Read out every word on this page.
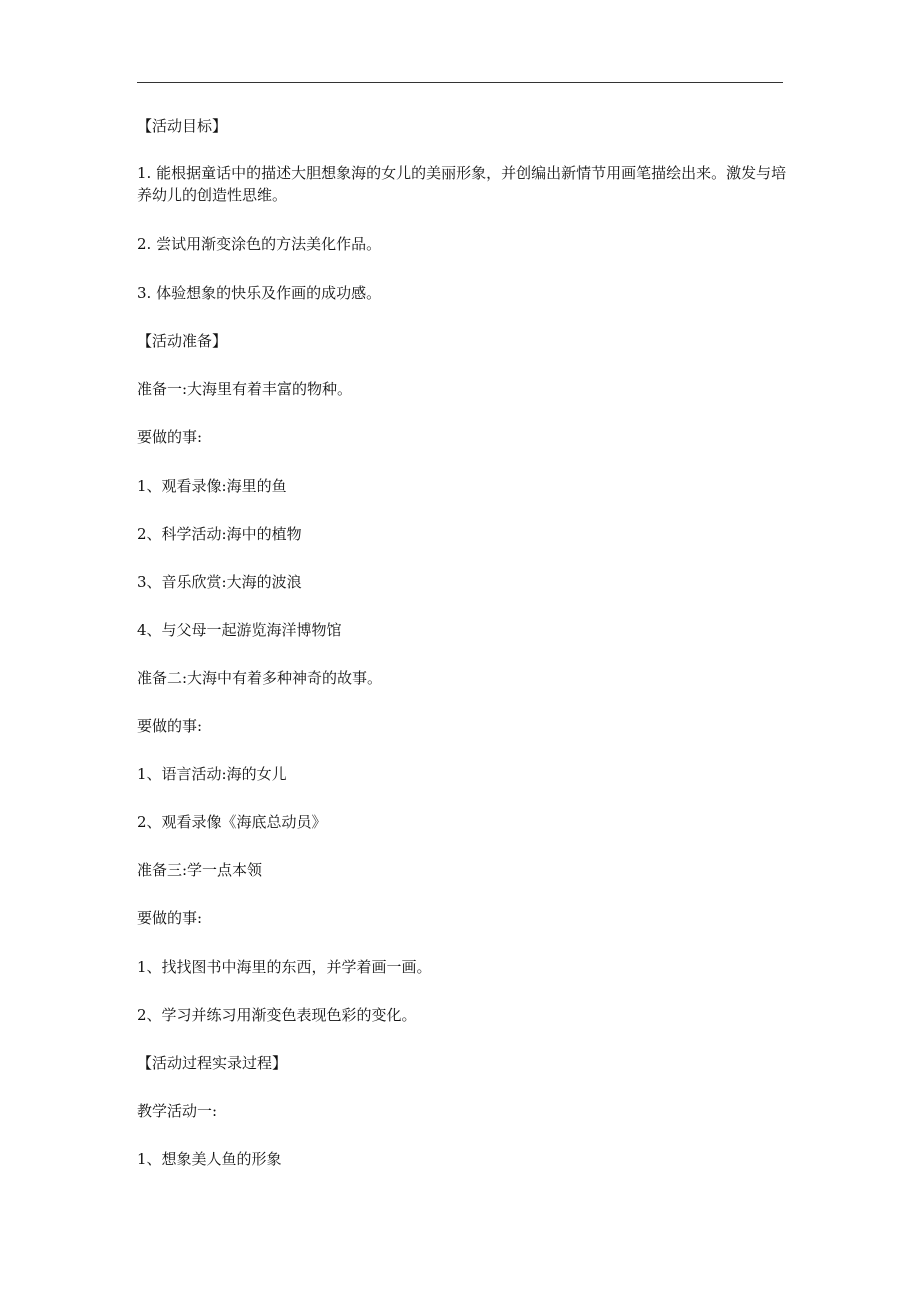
【活动目标】
1. 能根据童话中的描述大胆想象海的女儿的美丽形象，并创编出新情节用画笔描绘出来。激发与培养幼儿的创造性思维。
2. 尝试用渐变涂色的方法美化作品。
3. 体验想象的快乐及作画的成功感。
【活动准备】
准备一:大海里有着丰富的物种。
要做的事:
1、观看录像:海里的鱼
2、科学活动:海中的植物
3、音乐欣赏:大海的波浪
4、与父母一起游览海洋博物馆
准备二:大海中有着多种神奇的故事。
要做的事:
1、语言活动:海的女儿
2、观看录像《海底总动员》
准备三:学一点本领
要做的事:
1、找找图书中海里的东西，并学着画一画。
2、学习并练习用渐变色表现色彩的变化。
【活动过程实录过程】
教学活动一:
1、想象美人鱼的形象
